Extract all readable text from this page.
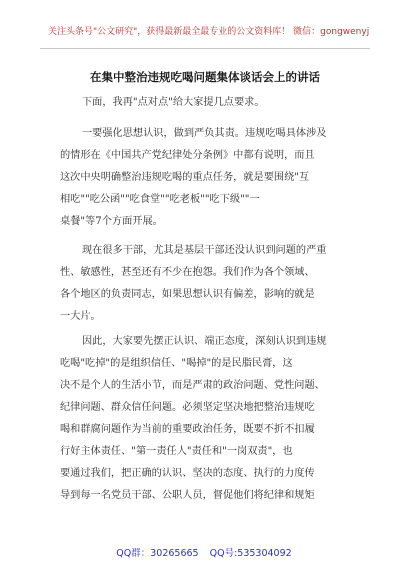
关注头条号"公文研究"，获得最新最全最专业的公文资料库！ 微信：gongwenyj
在集中整治违规吃喝问题集体谈话会上的讲话
下面，我再"点对点"给大家提几点要求。
一要强化思想认识，做到严负其责。违规吃喝具体涉及
的情形在《中国共产党纪律处分条例》中都有说明，而且
这次中央明确整治违规吃喝的重点任务，就是要围绕"互
相吃""吃公函""吃食堂""吃老板""吃下级""一
桌餐"等7个方面开展。
现在很多干部，尤其是基层干部还没认识到问题的严重
性、敏感性，甚至还有不少在抱怨。我们作为各个领域、
各个地区的负责同志，如果思想认识有偏差，影响的就是
一大片。
因此，大家要先摆正认识、端正态度，深刻认识到违规
吃喝"吃掉"的是组织信任、"喝掉"的是民脂民膏，这
决不是个人的生活小节，而是严肃的政治问题、党性问题、
纪律问题、群众信任问题。必须坚定坚决地把整治违规吃
喝和群腐问题作为当前的重要政治任务，既要不折不扣履
行好主体责任、"第一责任人"责任和"一岗双责"，也
要通过我们，把正确的认识、坚决的态度、执行的力度传
导到每一名党员干部、公职人员，督促他们将纪律和规矩
QQ群：30265665 QQ号:535304092
